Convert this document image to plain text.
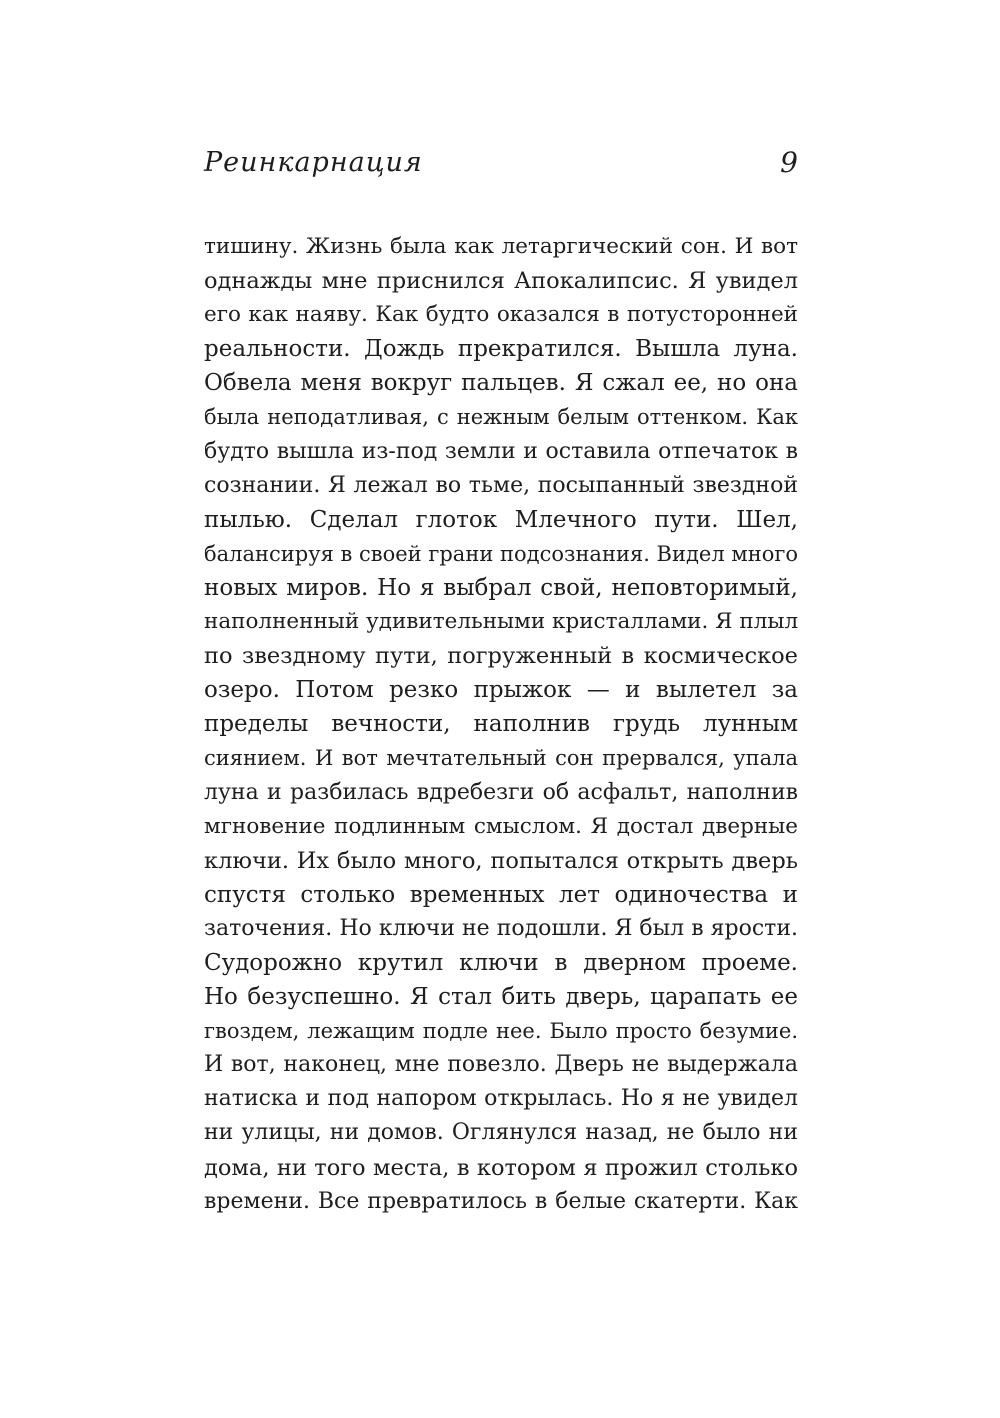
Реинкарнация	9
тишину. Жизнь была как летаргический сон. И вот
однажды мне приснился Апокалипсис. Я увидел
его как наяву. Как будто оказался в потусторонней
реальности. Дождь прекратился. Вышла луна.
Обвела меня вокруг пальцев. Я сжал ее, но она
была неподатливая, с нежным белым оттенком. Как
будто вышла из-под земли и оставила отпечаток в
сознании. Я лежал во тьме, посыпанный звездной
пылью. Сделал глоток Млечного пути. Шел,
балансируя в своей грани подсознания. Видел много
новых миров. Но я выбрал свой, неповторимый,
наполненный удивительными кристаллами. Я плыл
по звездному пути, погруженный в космическое
озеро. Потом резко прыжок — и вылетел за
пределы вечности, наполнив грудь лунным
сиянием. И вот мечтательный сон прервался, упала
луна и разбилась вдребезги об асфальт, наполнив
мгновение подлинным смыслом. Я достал дверные
ключи. Их было много, попытался открыть дверь
спустя столько временных лет одиночества и
заточения. Но ключи не подошли. Я был в ярости.
Судорожно крутил ключи в дверном проеме.
Но безуспешно. Я стал бить дверь, царапать ее
гвоздем, лежащим подле нее. Было просто безумие.
И вот, наконец, мне повезло. Дверь не выдержала
натиска и под напором открылась. Но я не увидел
ни улицы, ни домов. Оглянулся назад, не было ни
дома, ни того места, в котором я прожил столько
времени. Все превратилось в белые скатерти. Как
